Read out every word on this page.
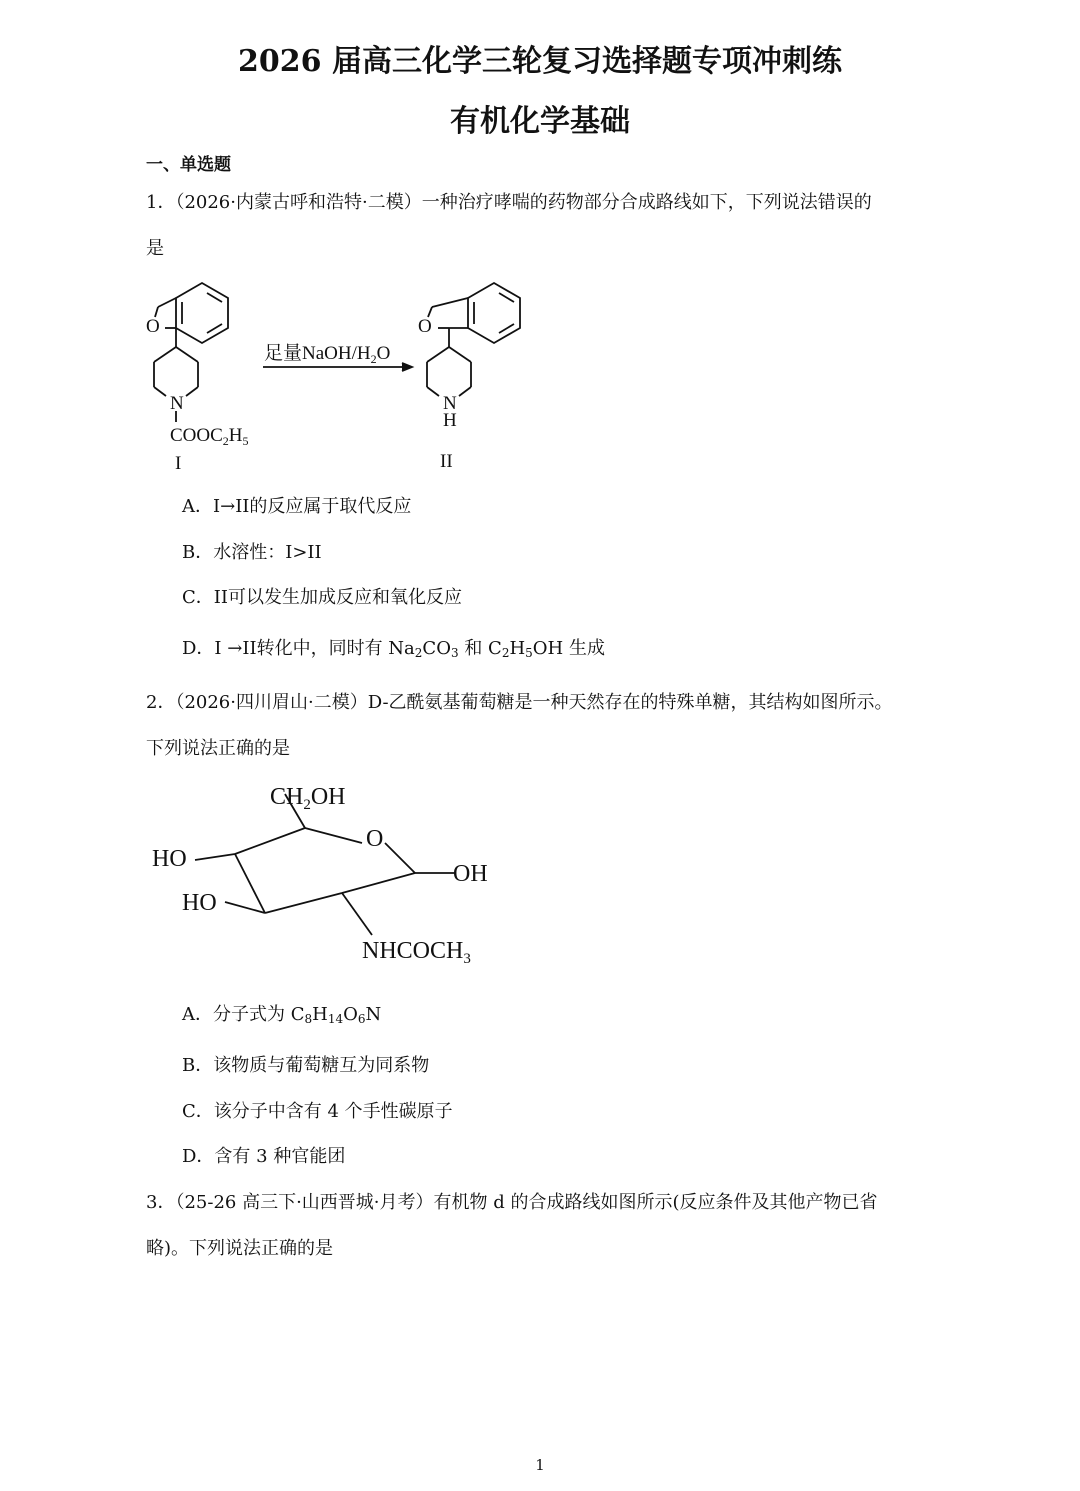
2026 届高三化学三轮复习选择题专项冲刺练
有机化学基础
一、单选题
1．（2026·内蒙古呼和浩特·二模）一种治疗哮喘的药物部分合成路线如下，下列说法错误的
是
O
N
$COOC_2H_5$
I
足量NaOH/$H_2O$
O
N
H
II
A．I→II的反应属于取代反应
B．水溶性：I>II
C．II可以发生加成反应和氧化反应
D．I →II转化中，同时有 $Na_2CO_3$ 和 $C_2H_5OH$ 生成
2．（2026·四川眉山·二模）D-乙酰氨基葡萄糖是一种天然存在的特殊单糖，其结构如图所示。
下列说法正确的是
$CH_2OH$
O
HO
HO
OH
$NHCOCH_3$
A．分子式为 $C_8H_{14}O_6N$
B．该物质与葡萄糖互为同系物
C．该分子中含有 4 个手性碳原子
D．含有 3 种官能团
3．（25-26 高三下·山西晋城·月考）有机物 d 的合成路线如图所示(反应条件及其他产物已省
略)。下列说法正确的是
1
